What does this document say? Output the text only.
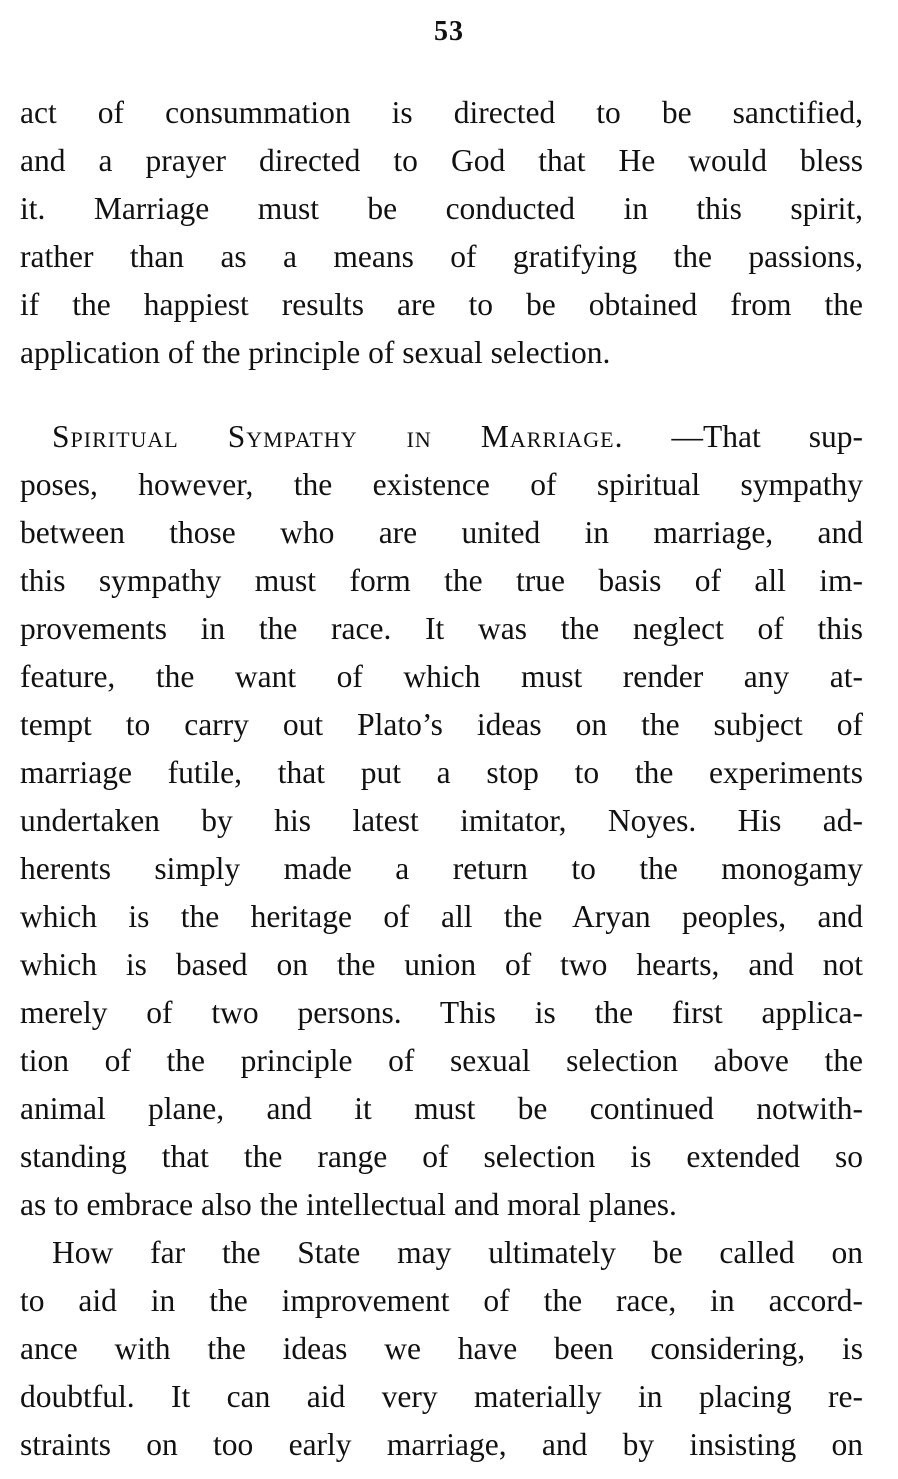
53
act of consummation is directed to be sanctified,
and a prayer directed to God that He would bless
it. Marriage must be conducted in this spirit,
rather than as a means of gratifying the passions,
if the happiest results are to be obtained from the
application of the principle of sexual selection.
Spiritual Sympathy in Marriage. —That sup-
poses, however, the existence of spiritual sympathy
between those who are united in marriage, and
this sympathy must form the true basis of all im-
provements in the race. It was the neglect of this
feature, the want of which must render any at-
tempt to carry out Plato’s ideas on the subject of
marriage futile, that put a stop to the experiments
undertaken by his latest imitator, Noyes. His ad-
herents simply made a return to the monogamy
which is the heritage of all the Aryan peoples, and
which is based on the union of two hearts, and not
merely of two persons. This is the first applica-
tion of the principle of sexual selection above the
animal plane, and it must be continued notwith-
standing that the range of selection is extended so
as to embrace also the intellectual and moral planes.
How far the State may ultimately be called on
to aid in the improvement of the race, in accord-
ance with the ideas we have been considering, is
doubtful. It can aid very materially in placing re-
straints on too early marriage, and by insisting on
